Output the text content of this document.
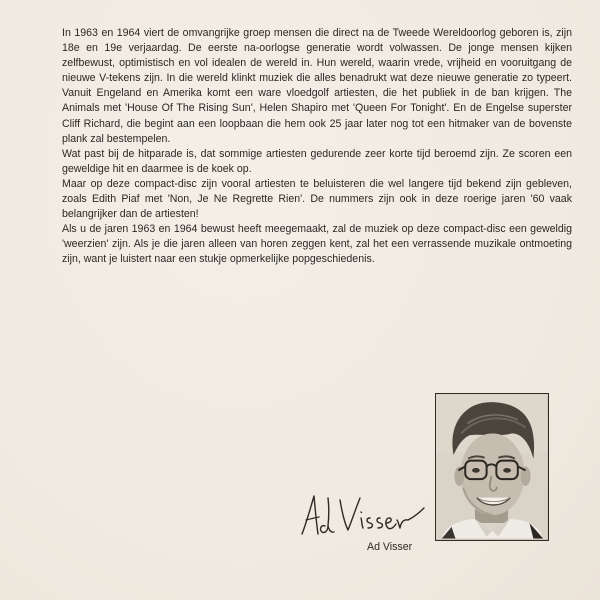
In 1963 en 1964 viert de omvangrijke groep mensen die direct na de Tweede Wereldoorlog geboren is, zijn 18e en 19e verjaardag. De eerste na-oorlogse generatie wordt volwassen. De jonge mensen kijken zelfbewust, optimistisch en vol idealen de wereld in. Hun wereld, waarin vrede, vrijheid en vooruitgang de nieuwe V-tekens zijn. In die wereld klinkt muziek die alles benadrukt wat deze nieuwe generatie zo typeert. Vanuit Engeland en Amerika komt een ware vloedgolf artiesten, die het publiek in de ban krijgen. The Animals met 'House Of The Rising Sun', Helen Shapiro met 'Queen For Tonight'. En de Engelse superster Cliff Richard, die begint aan een loopbaan die hem ook 25 jaar later nog tot een hitmaker van de bovenste plank zal bestempelen.

Wat past bij de hitparade is, dat sommige artiesten gedurende zeer korte tijd beroemd zijn. Ze scoren een geweldige hit en daarmee is de koek op.

Maar op deze compact-disc zijn vooral artiesten te beluisteren die wel langere tijd bekend zijn gebleven, zoals Edith Piaf met 'Non, Je Ne Regrette Rien'. De nummers zijn ook in deze roerige jaren '60 vaak belangrijker dan de artiesten!

Als u de jaren 1963 en 1964 bewust heeft meegemaakt, zal de muziek op deze compact-disc een geweldig 'weerzien' zijn. Als je die jaren alleen van horen zeggen kent, zal het een verrassende muzikale ontmoeting zijn, want je luistert naar een stukje opmerkelijke popgeschiedenis.

Ad Visser
